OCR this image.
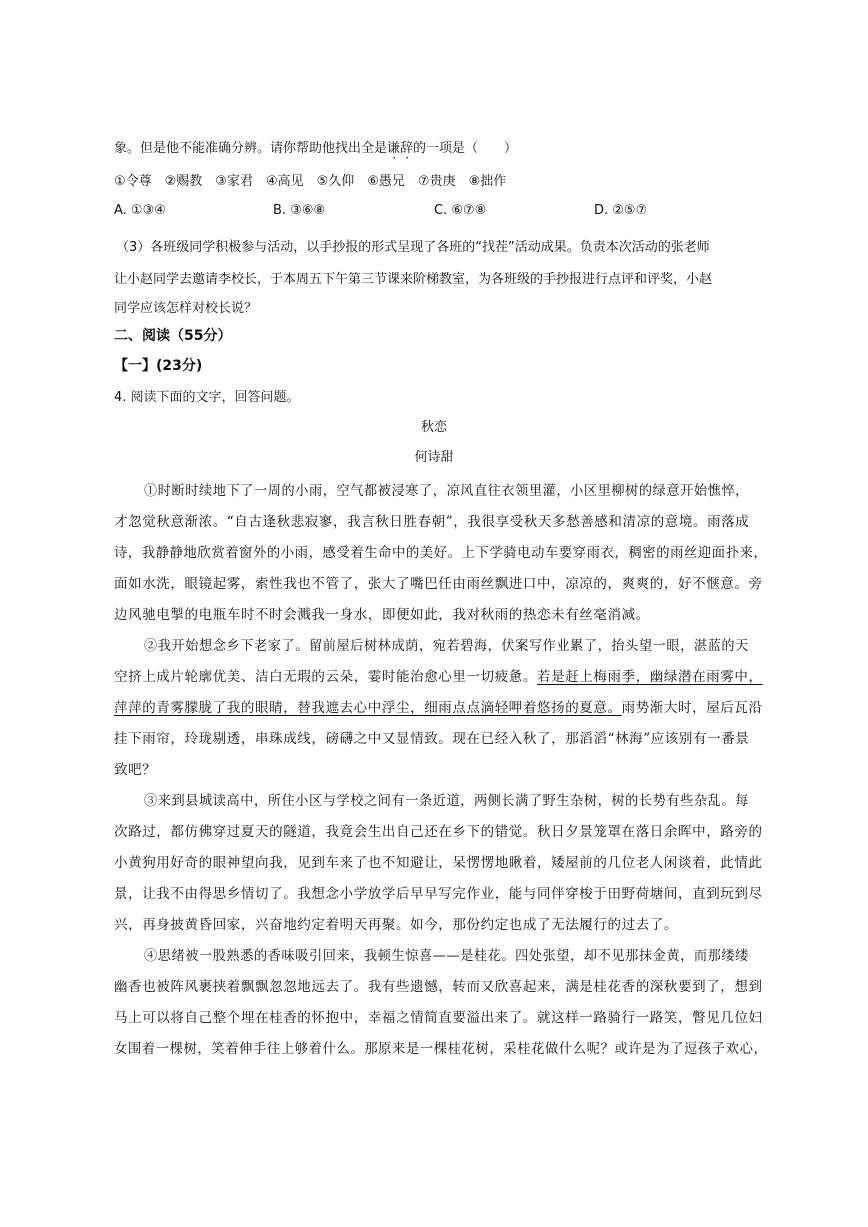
象。但是他不能准确分辨。请你帮助他找出全是谦辞的一项是（　　）
①令尊　②赐教　③家君　④高见　⑤久仰　⑥愚兄　⑦贵庚　⑧拙作
A. ①③④	B. ③⑥⑧	C. ⑥⑦⑧	D. ②⑤⑦
（3）各班级同学积极参与活动，以手抄报的形式呈现了各班的“找茬”活动成果。负责本次活动的张老师
让小赵同学去邀请李校长，于本周五下午第三节课来阶梯教室，为各班级的手抄报进行点评和评奖，小赵
同学应该怎样对校长说？
二、阅读（55分）
【一】(23分)
4. 阅读下面的文字，回答问题。
秋恋
何诗甜
①时断时续地下了一周的小雨，空气都被浸寒了，凉风直往衣领里灌，小区里柳树的绿意开始憔悴，
才忽觉秋意渐浓。“自古逢秋悲寂寥，我言秋日胜春朝”，我很享受秋天多愁善感和清凉的意境。雨落成
诗，我静静地欣赏着窗外的小雨，感受着生命中的美好。上下学骑电动车要穿雨衣，稠密的雨丝迎面扑来，
面如水洗，眼镜起雾，索性我也不管了，张大了嘴巴任由雨丝飘进口中，凉凉的，爽爽的，好不惬意。旁
边风驰电掣的电瓶车时不时会溅我一身水，即便如此，我对秋雨的热恋未有丝毫消减。
②我开始想念乡下老家了。留前屋后树林成荫，宛若碧海，伏案写作业累了，抬头望一眼，湛蓝的天
空挤上成片轮廓优美、洁白无瑕的云朵，霎时能治愈心里一切疲惫。若是赶上梅雨季，幽绿潜在雨雾中，
萍萍的青雾朦胧了我的眼睛，替我遮去心中浮尘，细雨点点滴轻呷着悠扬的夏意。雨势渐大时，屋后瓦沿
挂下雨帘，玲珑剔透，串珠成线，磅礴之中又显情致。现在已经入秋了，那滔滔“林海”应该别有一番景
致吧？
③来到县城读高中，所住小区与学校之间有一条近道，两侧长满了野生杂树，树的长势有些杂乱。每
次路过，都仿佛穿过夏天的隧道，我竟会生出自己还在乡下的错觉。秋日夕景笼罩在落日余晖中，路旁的
小黄狗用好奇的眼神望向我，见到车来了也不知避让，呆愣愣地瞅着，矮屋前的几位老人闲谈着，此情此
景，让我不由得思乡情切了。我想念小学放学后早早写完作业，能与同伴穿梭于田野荷塘间，直到玩到尽
兴，再身披黄昏回家，兴奋地约定着明天再聚。如今，那份约定也成了无法履行的过去了。
④思绪被一股熟悉的香味吸引回来，我顿生惊喜——是桂花。四处张望，却不见那抹金黄，而那缕缕
幽香也被阵风裹挟着飘飘忽忽地远去了。我有些遗憾，转而又欣喜起来，满是桂花香的深秋要到了，想到
马上可以将自己整个埋在桂香的怀抱中，幸福之情简直要溢出来了。就这样一路骑行一路笑，瞥见几位妇
女围着一棵树，笑着伸手往上够着什么。那原来是一棵桂花树，采桂花做什么呢？或许是为了逗孩子欢心，
